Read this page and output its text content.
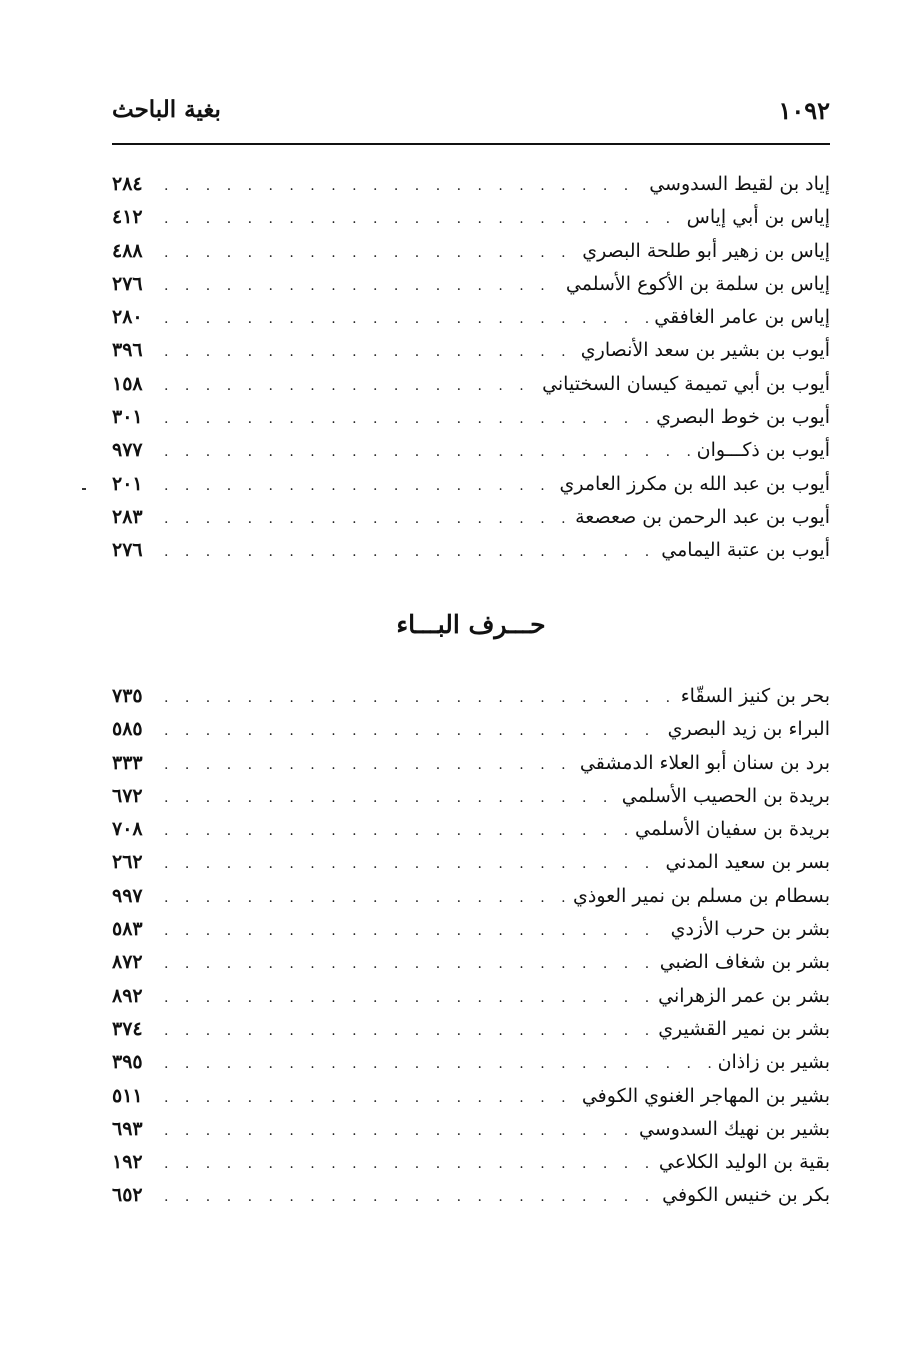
١٠٩٢
بغية الباحث
إياد بن لقيط السدوسي
. . .
٢٨٤
إياس بن أبي إياس
. . .
٤١٢
إياس بن زهير أبو طلحة البصري
. . .
٤٨٨
إياس بن سلمة بن الأكوع الأسلمي
. . .
٢٧٦
إياس بن عامر الغافقي
. . .
٢٨٠
أيوب بن بشير بن سعد الأنصاري
. . .
٣٩٦
أيوب بن أبي تميمة كيسان السختياني
. . .
١٥٨
أيوب بن خوط البصري
. . .
٣٠١
أيوب بن ذكـــوان
. . .
٩٧٧
أيوب بن عبد الله بن مكرز العامري
. . .
٢٠١
أيوب بن عبد الرحمن بن صعصعة
. . .
٢٨٣
أيوب بن عتبة اليمامي
. . .
٢٧٦
حـــرف البـــاء
بحر بن كنيز السقّاء
. . .
٧٣٥
البراء بن زيد البصري
. . .
٥٨٥
برد بن سنان أبو العلاء الدمشقي
. . .
٣٣٣
بريدة بن الحصيب الأسلمي
. . .
٦٧٢
بريدة بن سفيان الأسلمي
. . .
٧٠٨
بسر بن سعيد المدني
. . .
٢٦٢
بسطام بن مسلم بن نمير العوذي
. . .
٩٩٧
بشر بن حرب الأزدي
. . .
٥٨٣
بشر بن شغاف الضبي
. . .
٨٧٢
بشر بن عمر الزهراني
. . .
٨٩٢
بشر بن نمير القشيري
. . .
٣٧٤
بشير بن زاذان
. . .
٣٩٥
بشير بن المهاجر الغنوي الكوفي
. . .
٥١١
بشير بن نهيك السدوسي
. . .
٦٩٣
بقية بن الوليد الكلاعي
. . .
١٩٢
بكر بن خنيس الكوفي
. . .
٦٥٢
